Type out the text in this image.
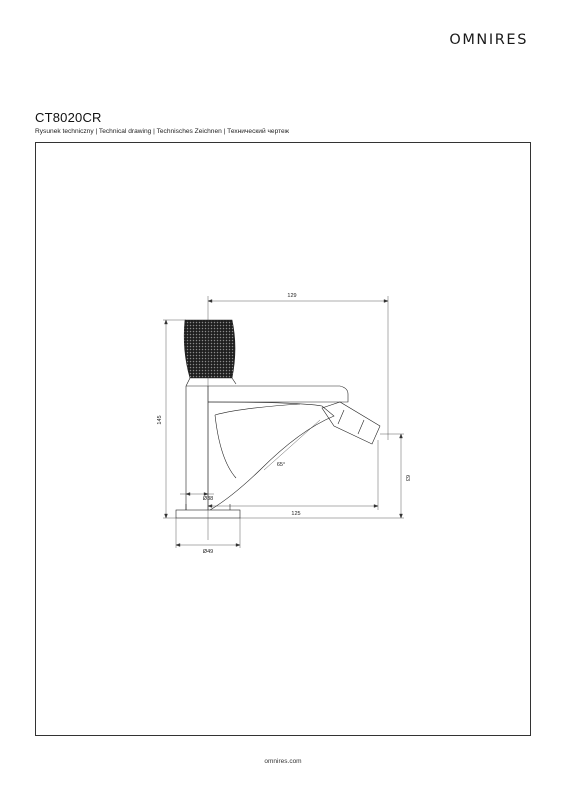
OMNIRES
CT8020CR
Rysunek techniczny | Technical drawing | Technisches Zeichnen | Технический чертеж
129
145
63
125
Ø38
Ø49
65°
omnires.com
